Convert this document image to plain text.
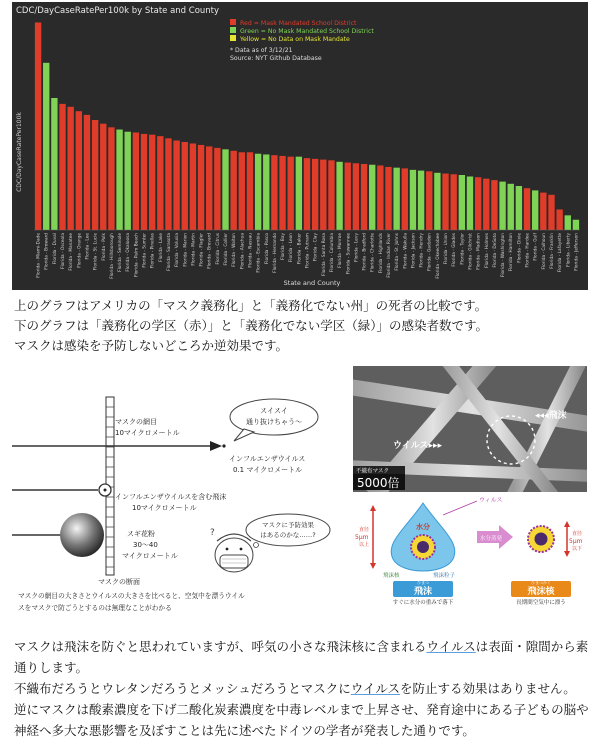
CDC/DayCaseRatePer100k by State and County
Red = Mask Mandated School District
Green = No Mask Mandated School District
Yellow = No Data on Mask Mandate
* Data as of 3/12/21
Source: NYT Github Database
CDC/DayCaseRatePer100k
State and County
Florida - Miami-Dade Florida - Broward Florida - Duval Florida - Osceola Florida - Manatee Florida - Orange Florida - Lee Florida - St. Lucie Florida - Polk Florida - Hillsborough Florida - Seminole Florida - Okaloosa Florida - Palm Beach Florida - Sumter Florida - Pinellas Florida - Lake Florida - Sarasota Florida - Volusia Florida - Marion Florida - Martin Florida - Flagler Florida - Brevard Florida - Citrus Florida - Collier Florida - Walton Florida - Alachua Florida - Nassau Florida - Escambia Florida - Pasco Florida - Hernando Florida - Bay Florida - Leon Florida - Baker Florida - Putnam Florida - Clay Florida - Santa Rosa Florida - Columbia Florida - Monroe Florida - Suwannee Florida - Levy Florida - Bradford Florida - Charlotte Florida - Highlands Florida - Indian River Florida - St. Johns Florida - Wakulla Florida - Jackson Florida - Hendry Florida - Gadsden Florida - Okeechobee Florida - Union Florida - Glades Florida - Taylor Florida - Gilchrist Florida - Madison Florida - Holmes Florida - DeSoto Florida - Washington Florida - Hamilton Florida - Dixie Florida - Hardee Florida - Gulf Florida - Calhoun Florida - Franklin Florida - Lafayette Florida - Liberty Florida - Jefferson

上のグラフはアメリカの「マスク義務化」と「義務化でない州」の死者の比較です。

下のグラフは「義務化の学区（赤）」と「義務化でない学区（緑）」の感染者数です。

マスクは感染を予防しないどころか逆効果です。

マスクの網目
10マイクロメートル
インフルエンザウイルス
0.1 マイクロメートル
スイスイ
通り抜けちゃう〜
インフルエンザウイルスを含む飛沫
10マイクロメートル
スギ花粉
30〜40
マイクロメートル
?
マスクに予防効果
はあるのかな……?
マスクの断面
マスクの網目の大きさとウイルスの大きさを比べると、空気中を漂うウイル
スをマスクで防ごうとするのは無理なことがわかる
ウイルス▸▸▸
◂◂◂飛沫
不織布マスク
5000倍
ウィルス
直径
5μm
以上
水分
飛沫核	飛沫粒子
水分蒸発
直径
5μm
以下
ひまつ
飛沫
すぐに水分の重みで落下
ひまつかく
飛沫核
長期間空気中に漂う

マスクは飛沫を防ぐと思われていますが、呼気の小さな飛沫核に含まれるウイルスは表面・隙間から素通りします。

不織布だろうとウレタンだろうとメッシュだろうとマスクにウイルスを防止する効果はありません。

逆にマスクは酸素濃度を下げ二酸化炭素濃度を中毒レベルまで上昇させ、発育途中にある子どもの脳や神経へ多大な悪影響を及ぼすことは先に述べたドイツの学者が発表した通りです。
